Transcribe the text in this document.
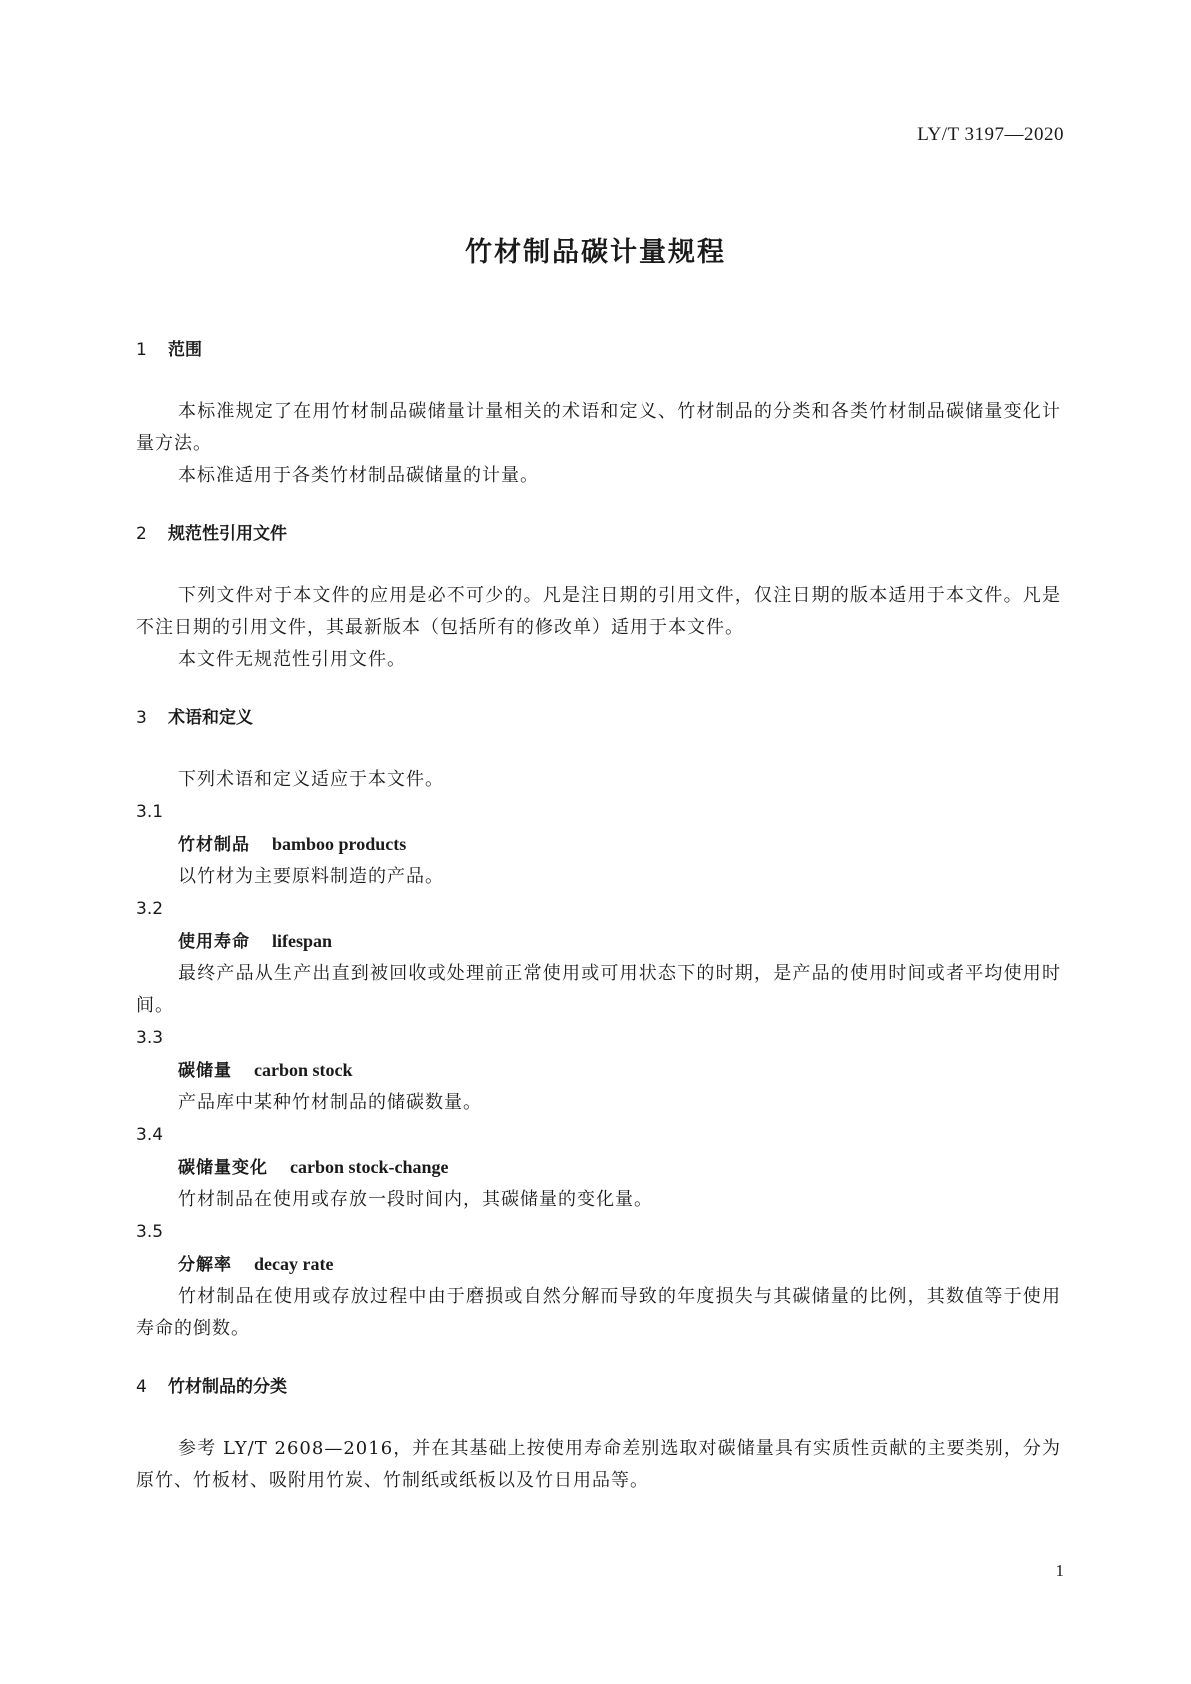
LY/T 3197—2020
竹材制品碳计量规程
1 范围

本标准规定了在用竹材制品碳储量计量相关的术语和定义、竹材制品的分类和各类竹材制品碳储量变化计量方法。

本标准适用于各类竹材制品碳储量的计量。

2 规范性引用文件

下列文件对于本文件的应用是必不可少的。凡是注日期的引用文件，仅注日期的版本适用于本文件。凡是不注日期的引用文件，其最新版本（包括所有的修改单）适用于本文件。

本文件无规范性引用文件。

3 术语和定义

下列术语和定义适应于本文件。

3.1

竹材制品 bamboo products

以竹材为主要原料制造的产品。

3.2

使用寿命 lifespan

最终产品从生产出直到被回收或处理前正常使用或可用状态下的时期，是产品的使用时间或者平均使用时间。

3.3

碳储量 carbon stock

产品库中某种竹材制品的储碳数量。

3.4

碳储量变化 carbon stock-change

竹材制品在使用或存放一段时间内，其碳储量的变化量。

3.5

分解率 decay rate

竹材制品在使用或存放过程中由于磨损或自然分解而导致的年度损失与其碳储量的比例，其数值等于使用寿命的倒数。

4 竹材制品的分类

参考 LY/T 2608—2016，并在其基础上按使用寿命差别选取对碳储量具有实质性贡献的主要类别，分为原竹、竹板材、吸附用竹炭、竹制纸或纸板以及竹日用品等。

1
